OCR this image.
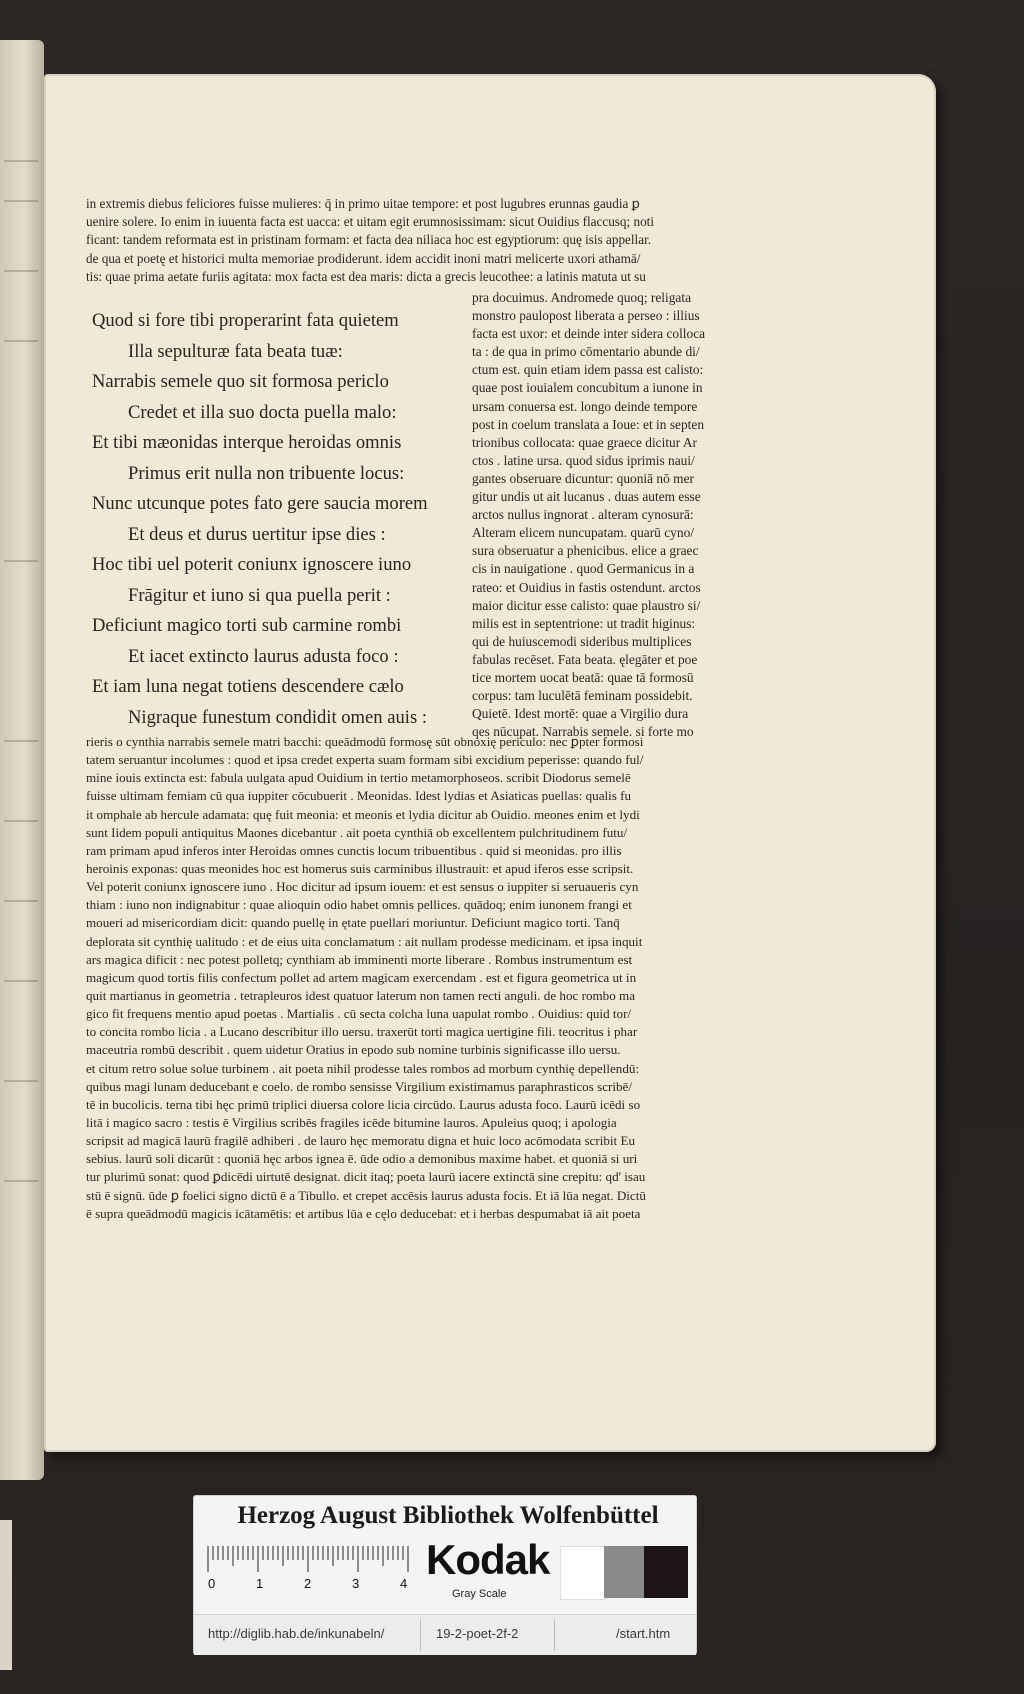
in extremis diebus feliciores fuisse mulieres: q̄ in primo uitae tempore: et post lugubres erunnas gaudia ꝑ
uenire solere. Io enim in iuuenta facta est uacca: et uitam egit erumnosissimam: sicut Ouidius flaccusq; noti
ficant: tandem reformata est in pristinam formam: et facta dea niliaca hoc est egyptiorum: quę isis appellar.
de qua et poetę et historici multa memoriae prodiderunt. idem accidit inoni matri melicerte uxori athamā/
tis: quae prima aetate furiis agitata: mox facta est dea maris: dicta a grecis leucothee: a latinis matuta ut su
Quod si fore tibi properarint fata quietem
Illa sepulturæ fata beata tuæ:
Narrabis semele quo sit formosa periclo
Credet et illa suo docta puella malo:
Et tibi mæonidas interque heroidas omnis
Primus erit nulla non tribuente locus:
Nunc utcunque potes fato gere saucia morem
Et deus et durus uertitur ipse dies :
Hoc tibi uel poterit coniunx ignoscere iuno
Frāgitur et iuno si qua puella perit :
Deficiunt magico torti sub carmine rombi
Et iacet extincto laurus adusta foco :
Et iam luna negat totiens descendere cælo
Nigraque funestum condidit omen auis :
pra docuimus. Andromede quoq; religata
monstro paulopost liberata a perseo : illius
facta est uxor: et deinde inter sidera colloca
ta : de qua in primo cōmentario abunde di/
ctum est. quin etiam idem passa est calisto:
quae post iouialem concubitum a iunone in
ursam conuersa est. longo deinde tempore
post in coelum translata a Ioue: et in septen
trionibus collocata: quae graece dicitur Ar
ctos . latine ursa. quod sidus iprimis naui/
gantes obseruare dicuntur: quoniā nō mer
gitur undis ut ait lucanus . duas autem esse
arctos nullus ingnorat . alteram cynosurā:
Alteram elicem nuncupatam. quarū cyno/
sura obseruatur a phenicibus. elice a graec
cis in nauigatione . quod Germanicus in a
rateo: et Ouidius in fastis ostendunt. arctos
maior dicitur esse calisto: quae plaustro si/
milis est in septentrione: ut tradit higinus:
qui de huiuscemodi sideribus multiplices
fabulas recēset. Fata beata. ęlegāter et poe
tice mortem uocat beatā: quae tā formosū
corpus: tam luculētā feminam possidebit.
Quietē. Idest mortē: quae a Virgilio dura
qes nūcupat. Narrabis semele. si forte mo
rieris o cynthia narrabis semele matri bacchi: queādmodū formosę sūt obnoxię periculo: nec ꝑpter formosi
tatem seruantur incolumes : quod et ipsa credet experta suam formam sibi excidium peperisse: quando ful/
mine iouis extincta est: fabula uulgata apud Ouidium in tertio metamorphoseos. scribit Diodorus semelē
fuisse ultimam femiam cū qua iuppiter cōcubuerit . Meonidas. Idest lydias et Asiaticas puellas: qualis fu
it omphale ab hercule adamata: quę fuit meonia: et meonis et lydia dicitur ab Ouidio. meones enim et lydi
sunt Iidem populi antiquitus Maones dicebantur . ait poeta cynthiā ob excellentem pulchritudinem futu/
ram primam apud inferos inter Heroidas omnes cunctis locum tribuentibus . quid si meonidas. pro illis
heroinis exponas: quas meonides hoc est homerus suis carminibus illustrauit: et apud iferos esse scripsit.
Vel poterit coniunx ignoscere iuno . Hoc dicitur ad ipsum iouem: et est sensus o iuppiter si seruaueris cyn
thiam : iuno non indignabitur : quae alioquin odio habet omnis pellices. quādoq; enim iunonem frangi et
moueri ad misericordiam dicit: quando puellę in ętate puellari moriuntur. Deficiunt magico torti. Tanq̄
deplorata sit cynthię ualitudo : et de eius uita conclamatum : ait nullam prodesse medicinam. et ipsa inquit
ars magica dificit : nec potest polletq; cynthiam ab imminenti morte liberare . Rombus instrumentum est
magicum quod tortis filis confectum pollet ad artem magicam exercendam . est et figura geometrica ut in
quit martianus in geometria . tetrapleuros idest quatuor laterum non tamen recti anguli. de hoc rombo ma
gico fit frequens mentio apud poetas . Martialis . cū secta colcha luna uapulat rombo . Ouidius: quid tor/
to concita rombo licia . a Lucano describitur illo uersu. traxerūt torti magica uertigine fili. teocritus i phar
maceutria rombū describit . quem uidetur Oratius in epodo sub nomine turbinis significasse illo uersu.
et citum retro solue solue turbinem . ait poeta nihil prodesse tales rombos ad morbum cynthię depellendū:
quibus magi lunam deducebant e coelo. de rombo sensisse Virgilium existimamus paraphrasticos scribē/
tē in bucolicis. terna tibi hęc primū triplici diuersa colore licia circūdo. Laurus adusta foco. Laurū icēdi so
litā i magico sacro : testis ē Virgilius scribēs fragiles icēde bitumine lauros. Apuleius quoq; i apologia
scripsit ad magicā laurū fragilē adhiberi . de lauro hęc memoratu digna et huic loco acōmodata scribit Eu
sebius. laurū soli dicarūt : quoniā hęc arbos ignea ē. ūde odio a demonibus maxime habet. et quoniā si uri
tur plurimū sonat: quod ꝑdicēdi uirtutē designat. dicit itaq; poeta laurū iacere extinctā sine crepitu: qd' isau
stū ē signū. ūde ꝑ foelici signo dictū ē a Tibullo. et crepet accēsis laurus adusta focis. Et iā lūa negat. Dictū
ē supra queādmodū magicis icātamētis: et artibus lūa e cęlo deducebat: et i herbas despumabat iā ait poeta
Herzog August Bibliothek Wolfenbüttel
0	1	2	3	4
Kodak
Gray Scale
http://diglib.hab.de/inkunabeln/	19-2-poet-2f-2	/start.htm
